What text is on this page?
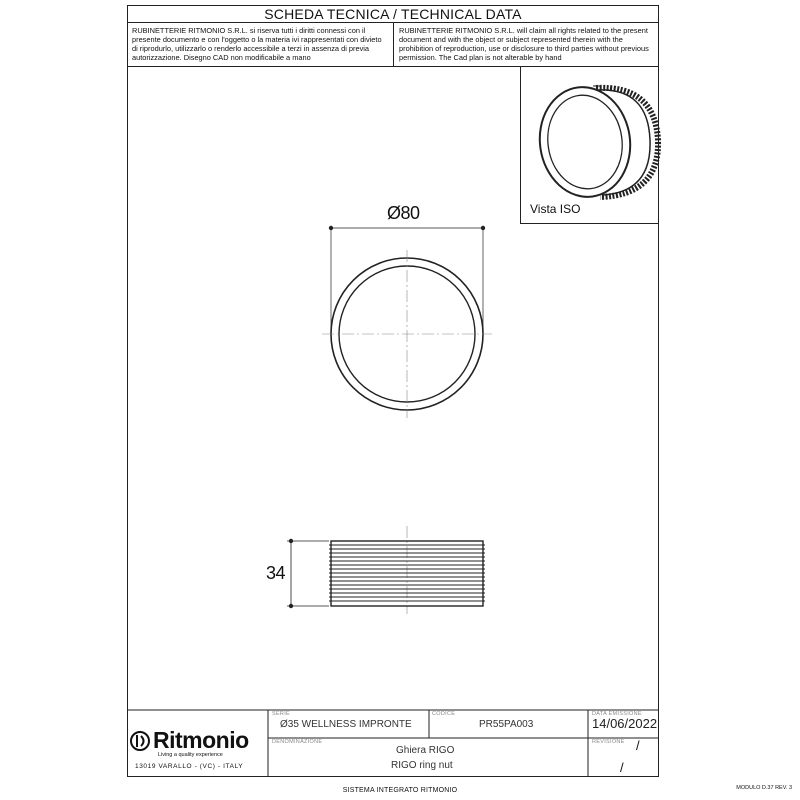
SCHEDA TECNICA / TECHNICAL DATA
RUBINETTERIE RITMONIO S.R.L. si riserva tutti i diritti connessi con il presente documento e con l'oggetto o la materia ivi rappresentati con divieto di riprodurlo, utilizzarlo o renderlo accessibile a terzi in assenza di previa autorizzazione. Disegno CAD non modificabile a mano
RUBINETTERIE RITMONIO S.R.L. will claim all rights related to the present document and with the object or subject represented therein with the prohibition of reproduction, use or disclosure to third parties without previous permission. The Cad plan is not alterable by hand
Vista ISO
Ø80
34
Ritmonio
Living a quality experience
13019 VARALLO - (VC) - ITALY
SERIE
Ø35 WELLNESS IMPRONTE
CODICE
PR55PA003
DATA EMISSIONE
14/06/2022
DENOMINAZIONE
Ghiera RIGO
RIGO ring nut
REVISIONE /
/
SISTEMA INTEGRATO RITMONIO	MODULO D.37 REV. 3
